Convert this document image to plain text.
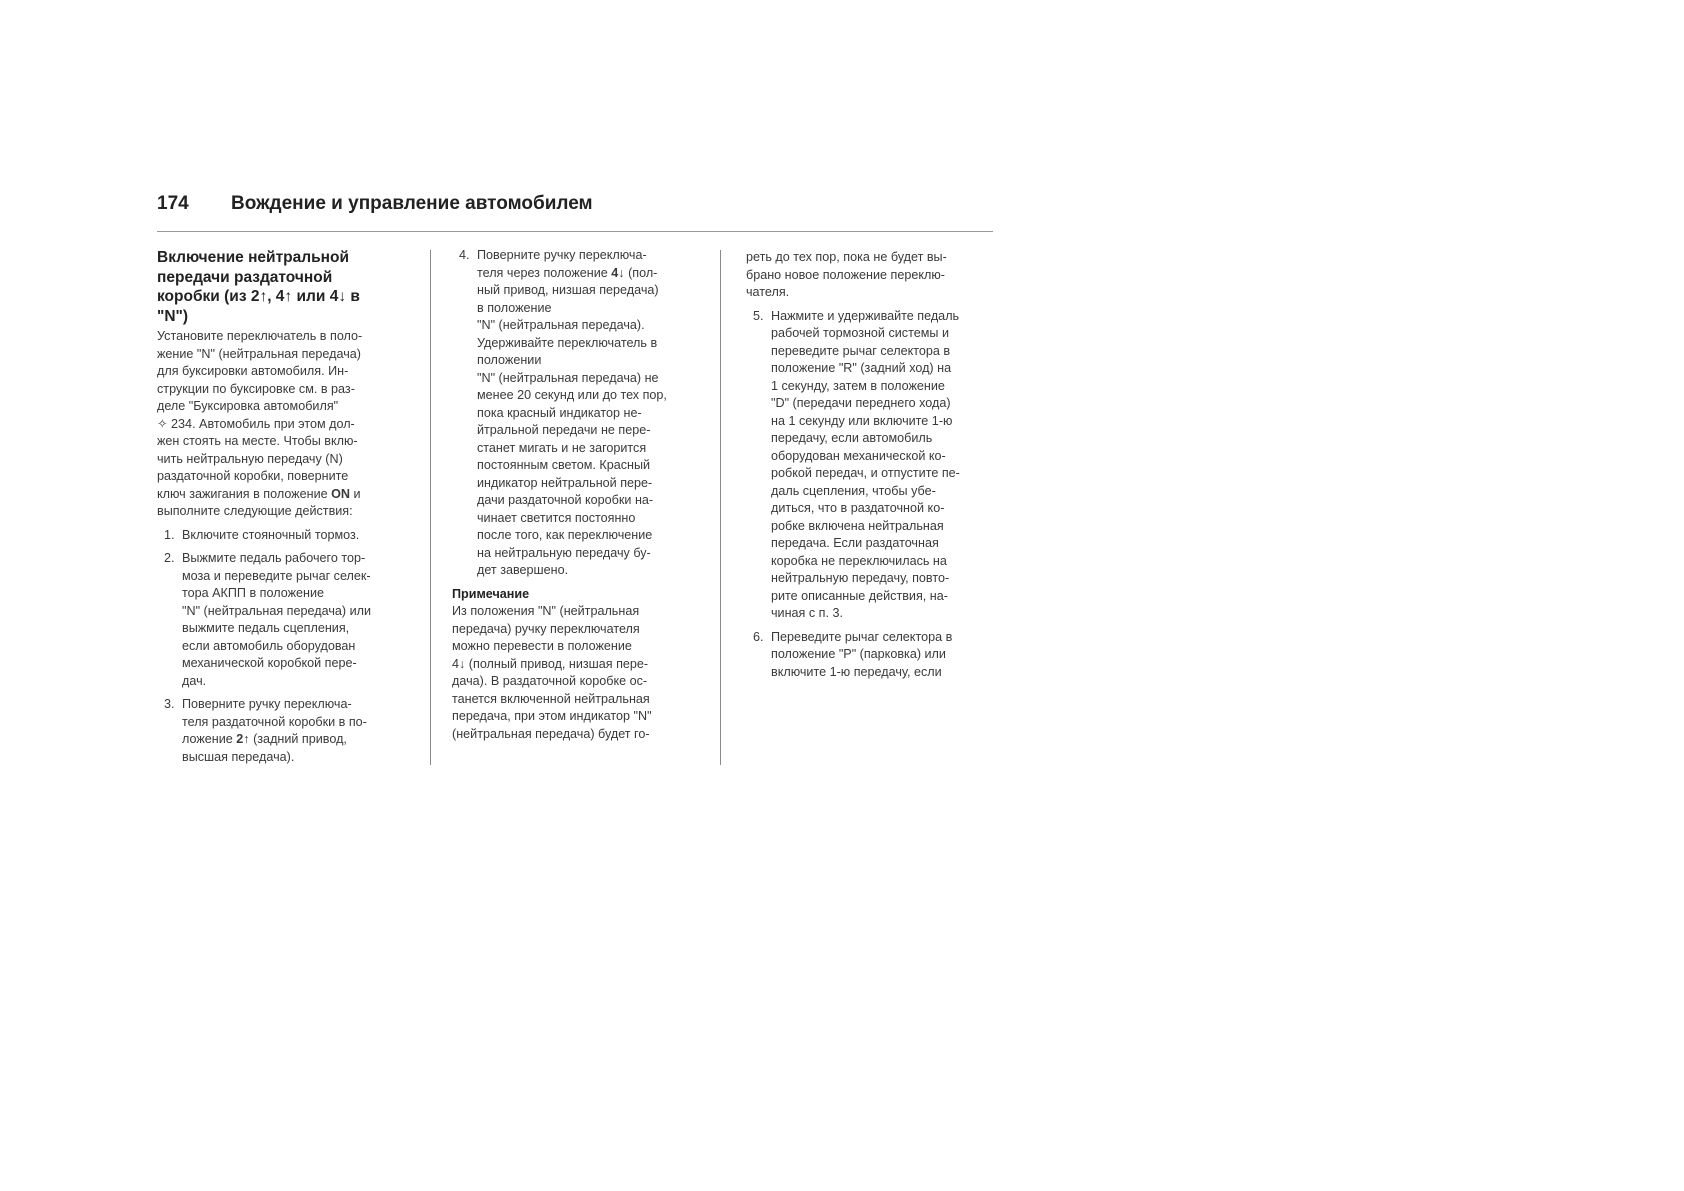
174 Вождение и управление автомобилем
Включение нейтральной
передачи раздаточной
коробки (из 2↑, 4↑ или 4↓ в
"N")
Установите переключатель в поло-
жение "N" (нейтральная передача)
для буксировки автомобиля. Ин-
струкции по буксировке см. в раз-
деле "Буксировка автомобиля"
✧ 234. Автомобиль при этом дол-
жен стоять на месте. Чтобы вклю-
чить нейтральную передачу (N)
раздаточной коробки, поверните
ключ зажигания в положение ON и
выполните следующие действия:
1. Включите стояночный тормоз.
2. Выжмите педаль рабочего тор-
моза и переведите рычаг селек-
тора АКПП в положение
"N" (нейтральная передача) или
выжмите педаль сцепления,
если автомобиль оборудован
механической коробкой пере-
дач.
3. Поверните ручку переключа-
теля раздаточной коробки в по-
ложение 2↑ (задний привод,
высшая передача).
4. Поверните ручку переключа-
теля через положение 4↓ (пол-
ный привод, низшая передача)
в положение
"N" (нейтральная передача).
Удерживайте переключатель в
положении
"N" (нейтральная передача) не
менее 20 секунд или до тех пор,
пока красный индикатор не-
йтральной передачи не пере-
станет мигать и не загорится
постоянным светом. Красный
индикатор нейтральной пере-
дачи раздаточной коробки на-
чинает светится постоянно
после того, как переключение
на нейтральную передачу бу-
дет завершено.
Примечание
Из положения "N" (нейтральная
передача) ручку переключателя
можно перевести в положение
4↓ (полный привод, низшая пере-
дача). В раздаточной коробке ос-
танется включенной нейтральная
передача, при этом индикатор "N"
(нейтральная передача) будет го-
реть до тех пор, пока не будет вы-
брано новое положение переклю-
чателя.
5. Нажмите и удерживайте педаль
рабочей тормозной системы и
переведите рычаг селектора в
положение "R" (задний ход) на
1 секунду, затем в положение
"D" (передачи переднего хода)
на 1 секунду или включите 1-ю
передачу, если автомобиль
оборудован механической ко-
робкой передач, и отпустите пе-
даль сцепления, чтобы убе-
диться, что в раздаточной ко-
робке включена нейтральная
передача. Если раздаточная
коробка не переключилась на
нейтральную передачу, повто-
рите описанные действия, на-
чиная с п. 3.
6. Переведите рычаг селектора в
положение "P" (парковка) или
включите 1-ю передачу, если
